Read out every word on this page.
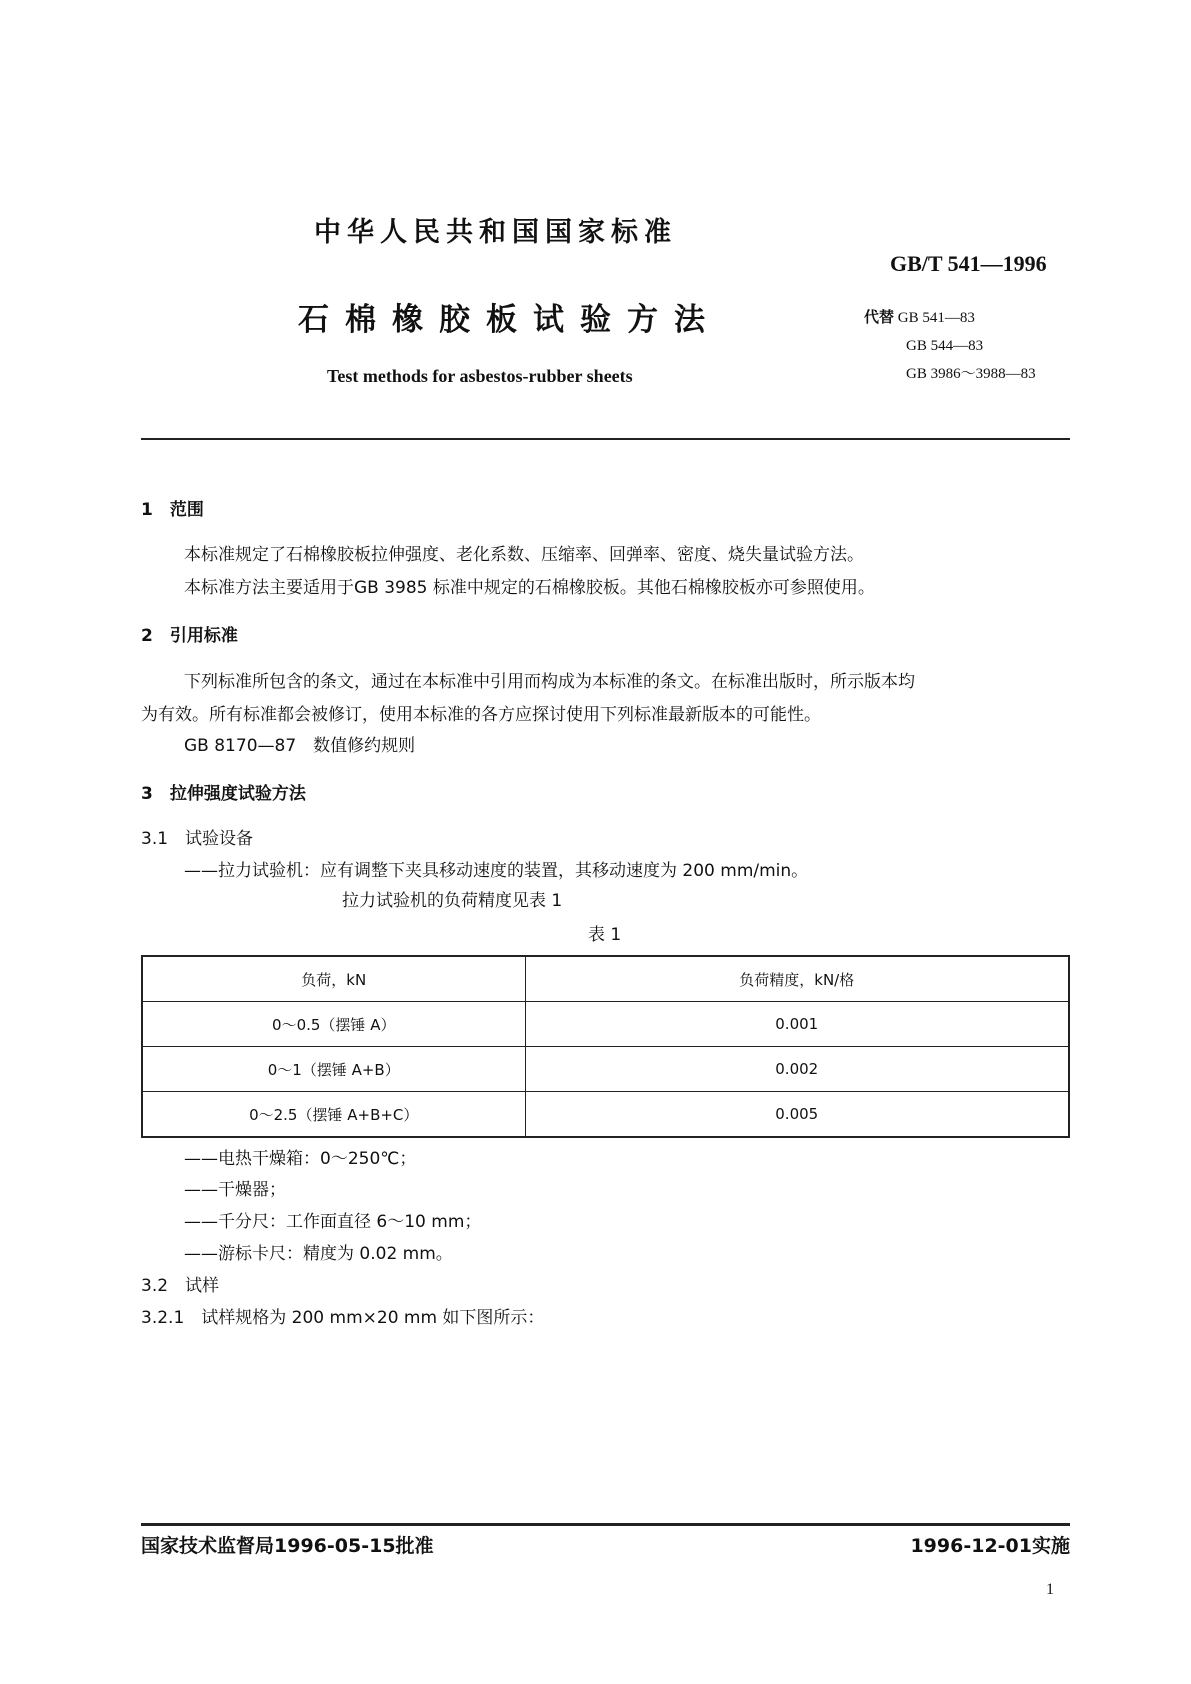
中华人民共和国国家标准
GB/T 541—1996
石棉橡胶板试验方法
Test methods for asbestos-rubber sheets
代替 GB 541—83
GB 544—83
GB 3986～3988—83
1　范围
本标准规定了石棉橡胶板拉伸强度、老化系数、压缩率、回弹率、密度、烧失量试验方法。
本标准方法主要适用于GB 3985 标准中规定的石棉橡胶板。其他石棉橡胶板亦可参照使用。
2　引用标准
下列标准所包含的条文，通过在本标准中引用而构成为本标准的条文。在标准出版时，所示版本均
为有效。所有标准都会被修订，使用本标准的各方应探讨使用下列标准最新版本的可能性。
GB 8170—87　数值修约规则
3　拉伸强度试验方法
3.1　试验设备
——拉力试验机：应有调整下夹具移动速度的装置，其移动速度为 200 mm/min。
拉力试验机的负荷精度见表 1
表 1
负荷，kN	负荷精度，kN/格
0～0.5（摆锤 A）	0.001
0～1（摆锤 A+B）	0.002
0～2.5（摆锤 A+B+C）	0.005
——电热干燥箱：0～250℃；
——干燥器；
——千分尺：工作面直径 6～10 mm；
——游标卡尺：精度为 0.02 mm。
3.2　试样
3.2.1　试样规格为 200 mm×20 mm 如下图所示：
国家技术监督局1996-05-15批准	1996-12-01实施
1
